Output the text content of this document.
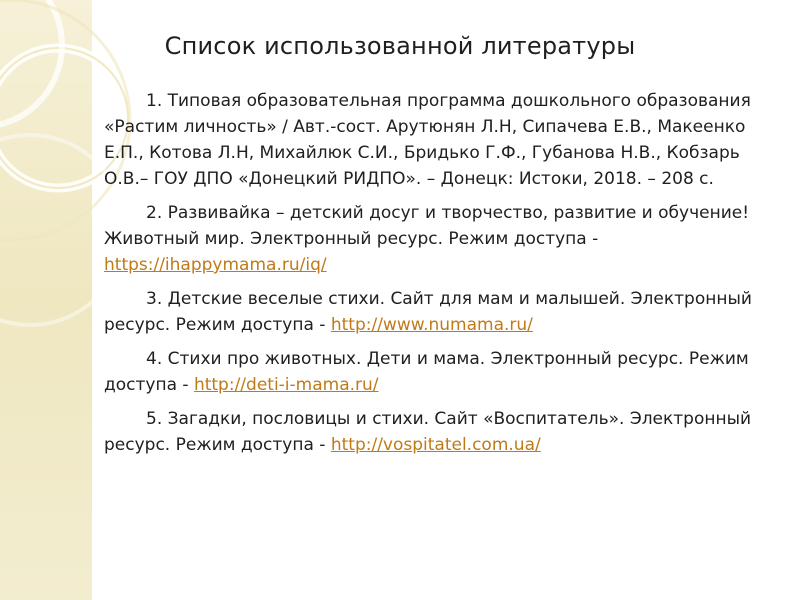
Список использованной литературы

1. Типовая образовательная программа дошкольного образования «Растим личность» / Авт.-сост. Арутюнян Л.Н, Сипачева Е.В., Макеенко Е.П., Котова Л.Н, Михайлюк С.И., Бридько Г.Ф., Губанова Н.В., Кобзарь О.В.– ГОУ ДПО «Донецкий РИДПО». – Донецк: Истоки, 2018. – 208 с.

2. Развивайка – детский досуг и творчество, развитие и обучение! Животный мир. Электронный ресурс. Режим доступа - https://ihappymama.ru/iq/

3. Детские веселые стихи. Сайт для мам и малышей. Электронный ресурс. Режим доступа - http://www.numama.ru/

4. Стихи про животных. Дети и мама. Электронный ресурс. Режим доступа - http://deti-i-mama.ru/

5. Загадки, пословицы и стихи. Сайт «Воспитатель». Электронный ресурс. Режим доступа - http://vospitatel.com.ua/
